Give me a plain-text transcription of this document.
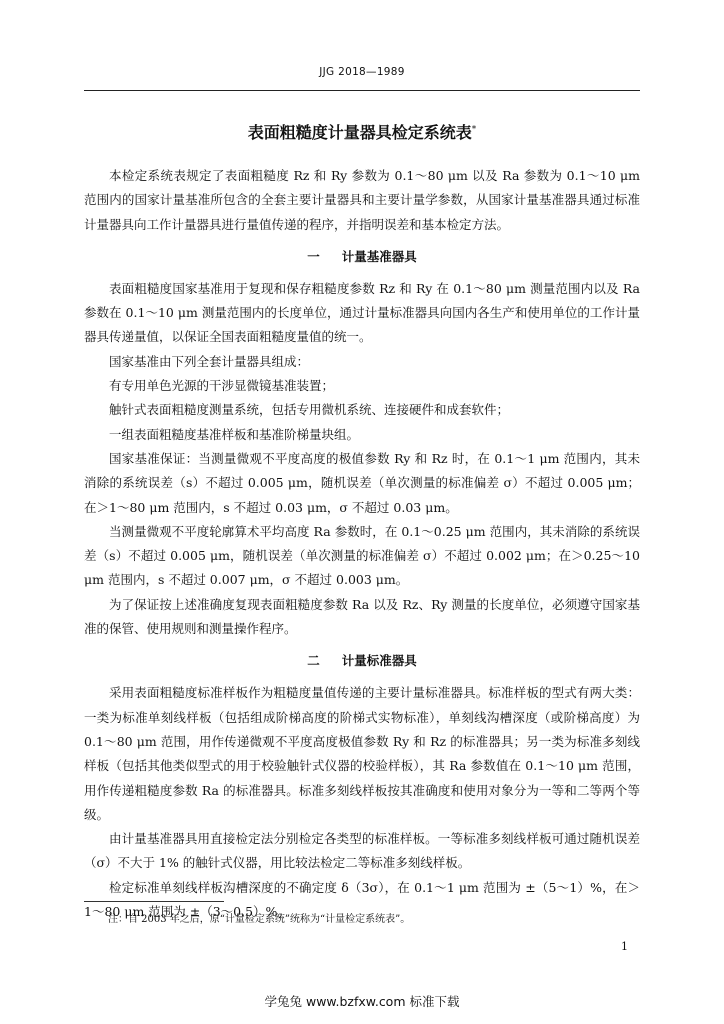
JJG 2018—1989
表面粗糙度计量器具检定系统表*

本检定系统表规定了表面粗糙度 Rz 和 Ry 参数为 0.1～80 μm 以及 Ra 参数为 0.1～10 μm 范围内的国家计量基准所包含的全套主要计量器具和主要计量学参数，从国家计量基准器具通过标准计量器具向工作计量器具进行量值传递的程序，并指明误差和基本检定方法。

一 计量基准器具

表面粗糙度国家基准用于复现和保存粗糙度参数 Rz 和 Ry 在 0.1～80 μm 测量范围内以及 Ra 参数在 0.1～10 μm 测量范围内的长度单位，通过计量标准器具向国内各生产和使用单位的工作计量器具传递量值，以保证全国表面粗糙度量值的统一。

国家基准由下列全套计量器具组成：

有专用单色光源的干涉显微镜基准装置；

触针式表面粗糙度测量系统，包括专用微机系统、连接硬件和成套软件；

一组表面粗糙度基准样板和基准阶梯量块组。

国家基准保证：当测量微观不平度高度的极值参数 Ry 和 Rz 时，在 0.1～1 μm 范围内，其未消除的系统误差（s）不超过 0.005 μm，随机误差（单次测量的标准偏差 σ）不超过 0.005 μm；在＞1～80 μm 范围内，s 不超过 0.03 μm，σ 不超过 0.03 μm。

当测量微观不平度轮廓算术平均高度 Ra 参数时，在 0.1～0.25 μm 范围内，其未消除的系统误差（s）不超过 0.005 μm，随机误差（单次测量的标准偏差 σ）不超过 0.002 μm；在＞0.25～10 μm 范围内，s 不超过 0.007 μm，σ 不超过 0.003 μm。

为了保证按上述准确度复现表面粗糙度参数 Ra 以及 Rz、Ry 测量的长度单位，必须遵守国家基准的保管、使用规则和测量操作程序。

二 计量标准器具

采用表面粗糙度标准样板作为粗糙度量值传递的主要计量标准器具。标准样板的型式有两大类：一类为标准单刻线样板（包括组成阶梯高度的阶梯式实物标准），单刻线沟槽深度（或阶梯高度）为 0.1～80 μm 范围，用作传递微观不平度高度极值参数 Ry 和 Rz 的标准器具；另一类为标准多刻线样板（包括其他类似型式的用于校验触针式仪器的校验样板），其 Ra 参数值在 0.1～10 μm 范围，用作传递粗糙度参数 Ra 的标准器具。标准多刻线样板按其准确度和使用对象分为一等和二等两个等级。

由计量基准器具用直接检定法分别检定各类型的标准样板。一等标准多刻线样板可通过随机误差（σ）不大于 1% 的触针式仪器，用比较法检定二等标准多刻线样板。

检定标准单刻线样板沟槽深度的不确定度 δ（3σ），在 0.1～1 μm 范围为 ±（5～1）%，在＞1～80 μm 范围为 ±（3～0.5）%。

注：自 2003 年之后，原“计量检定系统”统称为“计量检定系统表”。
1
学兔兔 www.bzfxw.com 标准下载
